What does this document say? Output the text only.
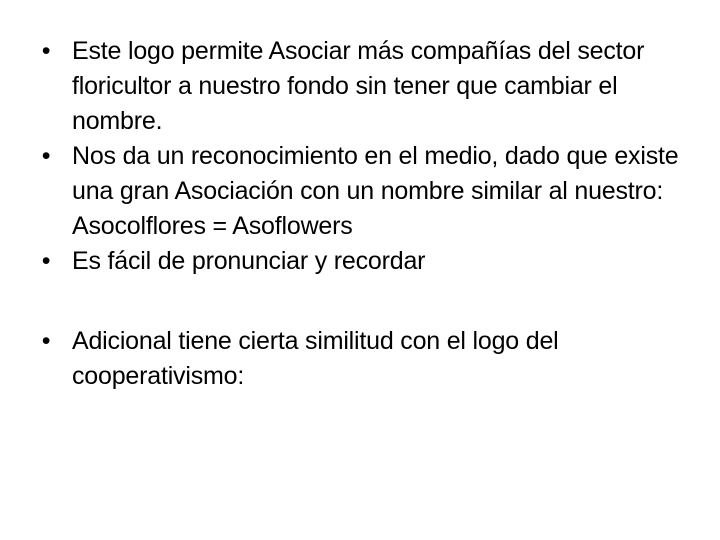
• Este logo permite Asociar más compañías del sector floricultor a nuestro fondo sin tener que cambiar el nombre.
• Nos da un reconocimiento en el medio, dado que existe una gran Asociación con un nombre similar al nuestro: Asocolflores = Asoflowers
• Es fácil de pronunciar y recordar
• Adicional tiene cierta similitud con el logo del cooperativismo:
